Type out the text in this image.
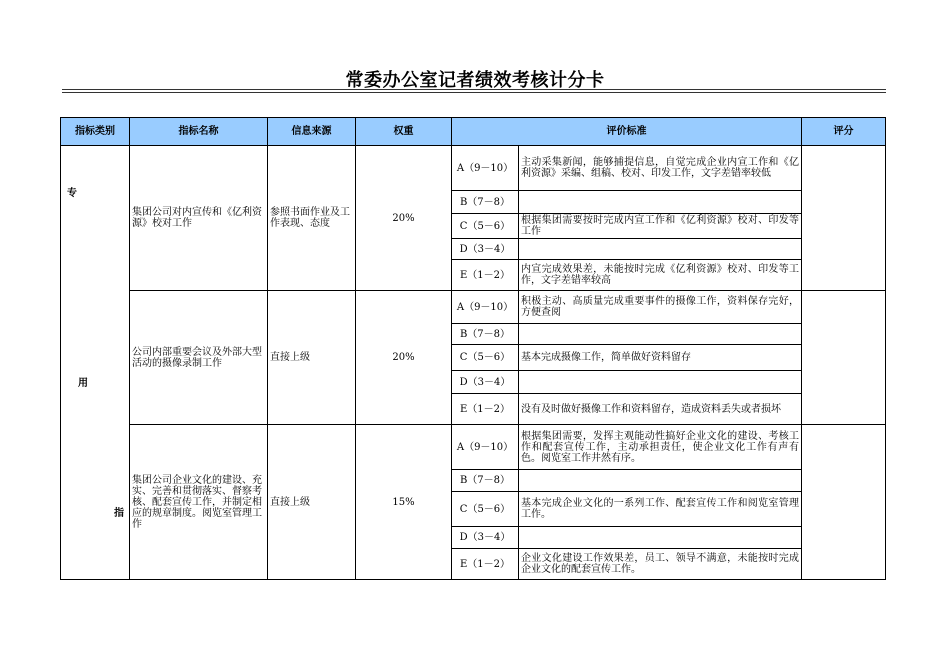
常委办公室记者绩效考核计分卡
指标类别	指标名称	信息来源	权重	评价标准		评分

专
用
指	集团公司对内宣传和《亿利资源》校对工作	参照书面作业及工作表现、态度	20%	A（9－10）	主动采集新闻，能够捕提信息，自觉完成企业内宣工作和《亿利资源》采编、组稿、校对、印发工作，文字差错率较低	
				B（7－8）		
				C（5－6）	根据集团需要按时完成内宣工作和《亿利资源》校对、印发等工作	
				D（3－4）		
				E（1－2）	内宣完成效果差，未能按时完成《亿利资源》校对、印发等工作，文字差错率较高	
	公司内部重要会议及外部大型活动的摄像录制工作	直接上级	20%	A（9－10）	积极主动、高质量完成重要事件的摄像工作，资料保存完好，方便查阅	
				B（7－8）		
				C（5－6）	基本完成摄像工作，简单做好资料留存	
				D（3－4）		
				E（1－2）	没有及时做好摄像工作和资料留存，造成资料丢失或者损坏	
	集团公司企业文化的建设、充实、完善和贯彻落实、督察考核、配套宣传工作，并制定相应的规章制度。阅览室管理工作	直接上级	15%	A（9－10）	根据集团需要，发挥主观能动性搞好企业文化的建设、考核工作和配套宣传工作，主动承担责任，使企业文化工作有声有色。阅览室工作井然有序。	
				B（7－8）		
				C（5－6）	基本完成企业文化的一系列工作、配套宣传工作和阅览室管理工作。	
				D（3－4）		
				E（1－2）	企业文化建设工作效果差，员工、领导不满意，未能按时完成企业文化的配套宣传工作。	
